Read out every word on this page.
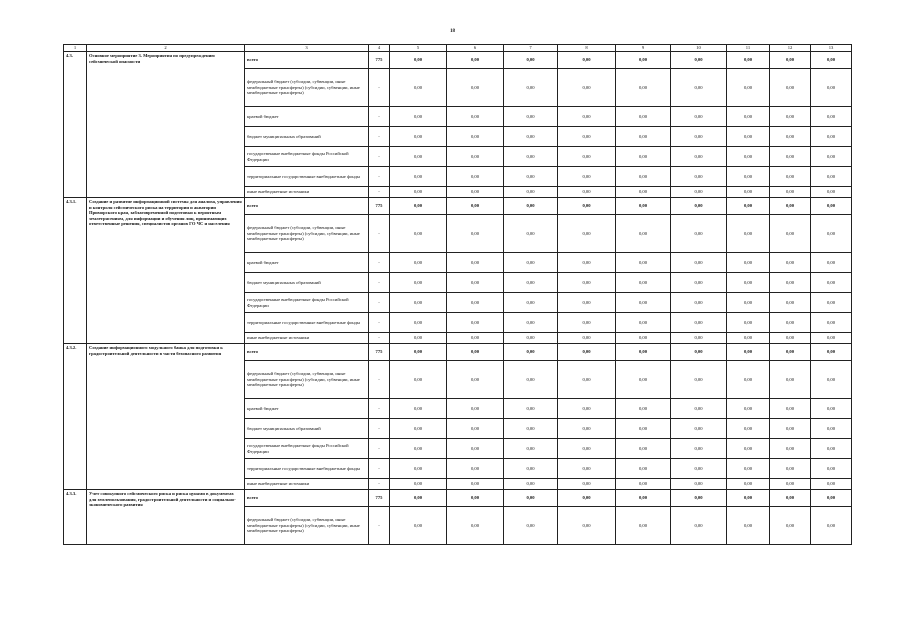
18
1	2	3	4	5	6	7	8	9	10	11	12	13
4.3.	Основное мероприятие 3. Мероприятия по предупреждению сейсмической опасности	всего	775	0,00	0,00	0,00	0,00	0,00	0,00	0,00	0,00	0,00
		федеральный бюджет (субсидии, субвенции, иные межбюджетные трансферты) (субсидии, субвенции, иные межбюджетные трансферты)	-	0,00	0,00	0,00	0,00	0,00	0,00	0,00	0,00	0,00
		краевой бюджет	-	0,00	0,00	0,00	0,00	0,00	0,00	0,00	0,00	0,00
		бюджет муниципальных образований	-	0,00	0,00	0,00	0,00	0,00	0,00	0,00	0,00	0,00
		государственные внебюджетные фонды Российской Федерации	-	0,00	0,00	0,00	0,00	0,00	0,00	0,00	0,00	0,00
		территориальные государственные внебюджетные фонды	-	0,00	0,00	0,00	0,00	0,00	0,00	0,00	0,00	0,00
		иные внебюджетные источники	-	0,00	0,00	0,00	0,00	0,00	0,00	0,00	0,00	0,00
4.3.1.	Создание и развитие информационной системы для анализа, управления и контроля сейсмического риска на территории и акватории Приморского края, заблаговременной подготовки к вероятным землетрясениям, для информации и обучения лиц, принимающих ответственные решения, специалистов органов ГО ЧС и населения	всего	775	0,00	0,00	0,00	0,00	0,00	0,00	0,00	0,00	0,00
		федеральный бюджет (субсидии, субвенции, иные межбюджетные трансферты) (субсидии, субвенции, иные межбюджетные трансферты)	-	0,00	0,00	0,00	0,00	0,00	0,00	0,00	0,00	0,00
		краевой бюджет	-	0,00	0,00	0,00	0,00	0,00	0,00	0,00	0,00	0,00
		бюджет муниципальных образований	-	0,00	0,00	0,00	0,00	0,00	0,00	0,00	0,00	0,00
		государственные внебюджетные фонды Российской Федерации	-	0,00	0,00	0,00	0,00	0,00	0,00	0,00	0,00	0,00
		территориальные государственные внебюджетные фонды	-	0,00	0,00	0,00	0,00	0,00	0,00	0,00	0,00	0,00
		иные внебюджетные источники	-	0,00	0,00	0,00	0,00	0,00	0,00	0,00	0,00	0,00
4.3.2.	Создание информационного модульного банка для подготовки к градостроительной деятельности в части безопасного развития	всего	775	0,00	0,00	0,00	0,00	0,00	0,00	0,00	0,00	0,00
		федеральный бюджет (субсидии, субвенции, иные межбюджетные трансферты) (субсидии, субвенции, иные межбюджетные трансферты)	-	0,00	0,00	0,00	0,00	0,00	0,00	0,00	0,00	0,00
		краевой бюджет	-	0,00	0,00	0,00	0,00	0,00	0,00	0,00	0,00	0,00
		бюджет муниципальных образований	-	0,00	0,00	0,00	0,00	0,00	0,00	0,00	0,00	0,00
		государственные внебюджетные фонды Российской Федерации	-	0,00	0,00	0,00	0,00	0,00	0,00	0,00	0,00	0,00
		территориальные государственные внебюджетные фонды	-	0,00	0,00	0,00	0,00	0,00	0,00	0,00	0,00	0,00
		иные внебюджетные источники	-	0,00	0,00	0,00	0,00	0,00	0,00	0,00	0,00	0,00
4.3.3.	Учет совокупного сейсмического риска и риска цунами в документах для землепользования, градостроительной деятельности и социально-экономического развития	всего	775	0,00	0,00	0,00	0,00	0,00	0,00	0,00	0,00	0,00
		федеральный бюджет (субсидии, субвенции, иные межбюджетные трансферты) (субсидии, субвенции, иные межбюджетные трансферты)	-	0,00	0,00	0,00	0,00	0,00	0,00	0,00	0,00	0,00
